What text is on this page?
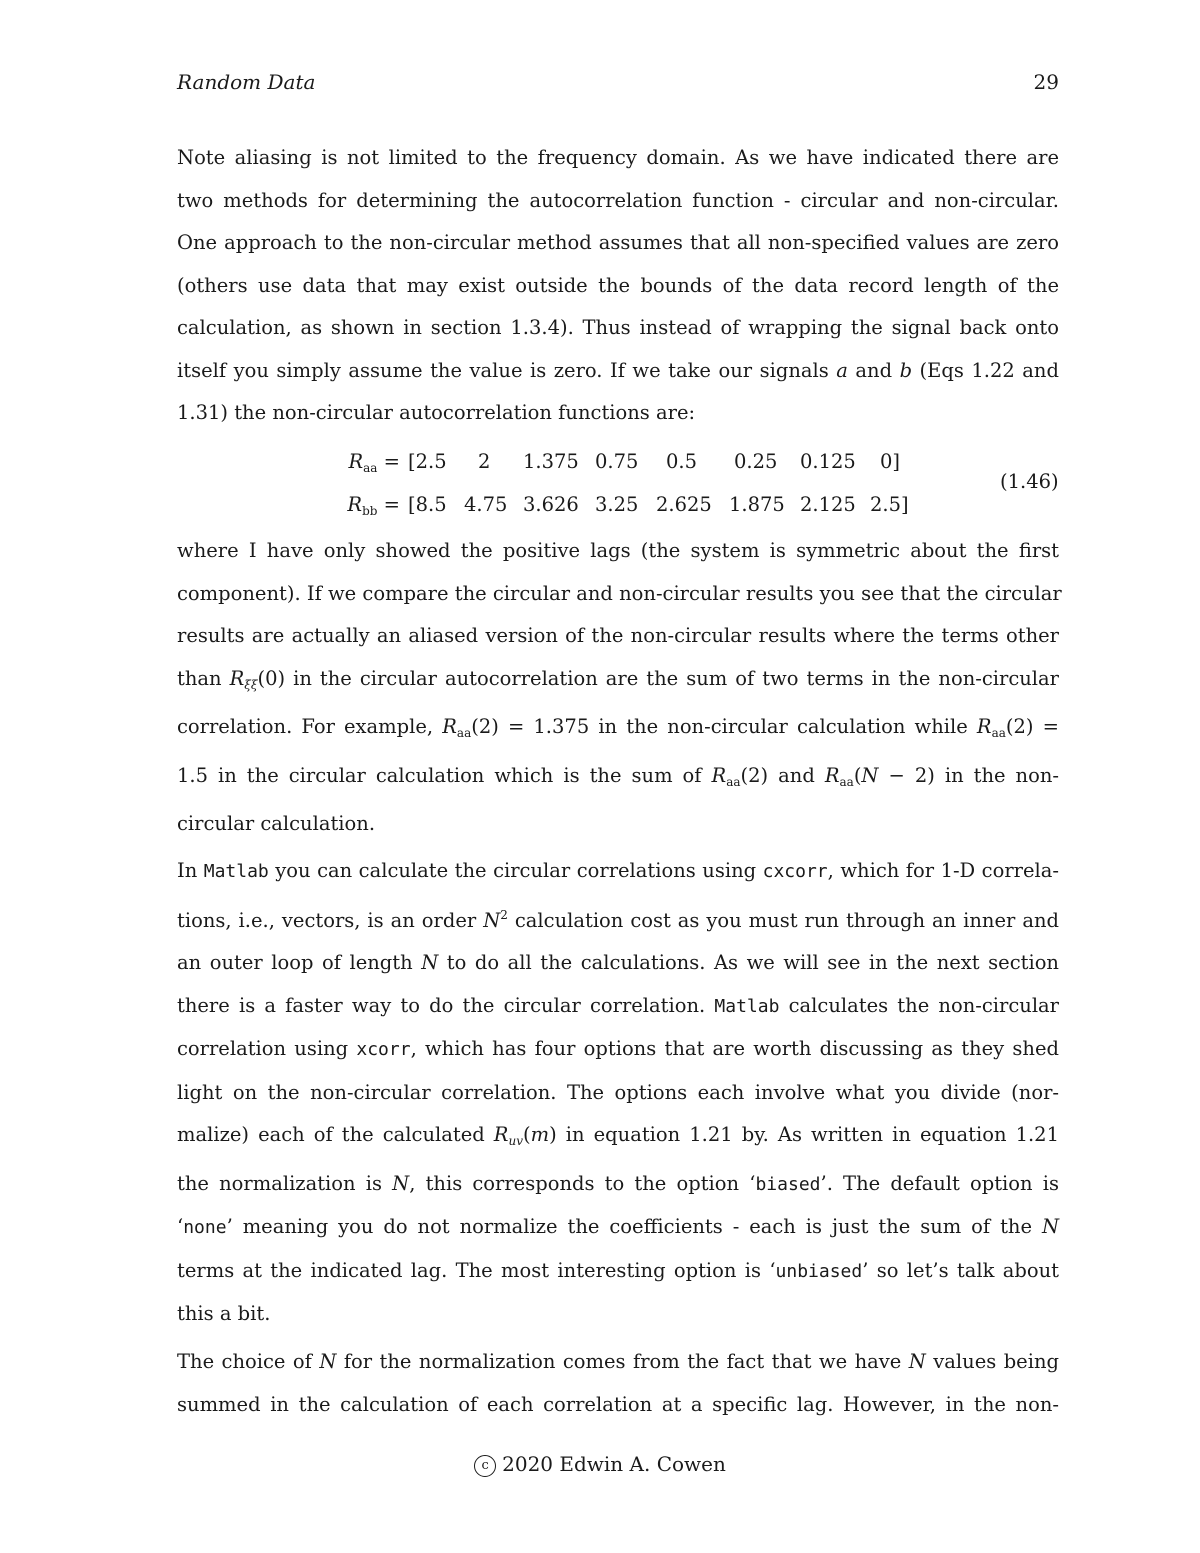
Random Data	29
Note aliasing is not limited to the frequency domain. As we have indicated there are
two methods for determining the autocorrelation function - circular and non-circular.
One approach to the non-circular method assumes that all non-specified values are zero
(others use data that may exist outside the bounds of the data record length of the
calculation, as shown in section 1.3.4). Thus instead of wrapping the signal back onto
itself you simply assume the value is zero. If we take our signals a and b (Eqs 1.22 and
1.31) the non-circular autocorrelation functions are:
$R_{aa} = [2.5$ 2 1.375 0.75 0.5 0.25 0.125 0]
$R_{bb} = [8.5$ 4.75 3.626 3.25 2.625 1.875 2.125 2.5]
(1.46)
where I have only showed the positive lags (the system is symmetric about the first
component). If we compare the circular and non-circular results you see that the circular
results are actually an aliased version of the non-circular results where the terms other
than $R_{\xi\xi}(0)$ in the circular autocorrelation are the sum of two terms in the non-circular
correlation. For example, $R_{aa}(2) = 1.375$ in the non-circular calculation while $R_{aa}(2)$ =
1.5 in the circular calculation which is the sum of $R_{aa}(2)$ and $R_{aa}(N - 2)$ in the non-
circular calculation.
In Matlab you can calculate the circular correlations using cxcorr, which for 1-D correla-
tions, i.e., vectors, is an order $N^2$ calculation cost as you must run through an inner and
an outer loop of length N to do all the calculations. As we will see in the next section
there is a faster way to do the circular correlation. Matlab calculates the non-circular
correlation using xcorr, which has four options that are worth discussing as they shed
light on the non-circular correlation. The options each involve what you divide (nor-
malize) each of the calculated $R_{uv}(m)$ in equation 1.21 by. As written in equation 1.21
the normalization is N, this corresponds to the option ‘biased’. The default option is
‘none’ meaning you do not normalize the coefficients - each is just the sum of the N
terms at the indicated lag. The most interesting option is ‘unbiased’ so let’s talk about
this a bit.
The choice of N for the normalization comes from the fact that we have N values being
summed in the calculation of each correlation at a specific lag. However, in the non-
c 2020 Edwin A. Cowen
